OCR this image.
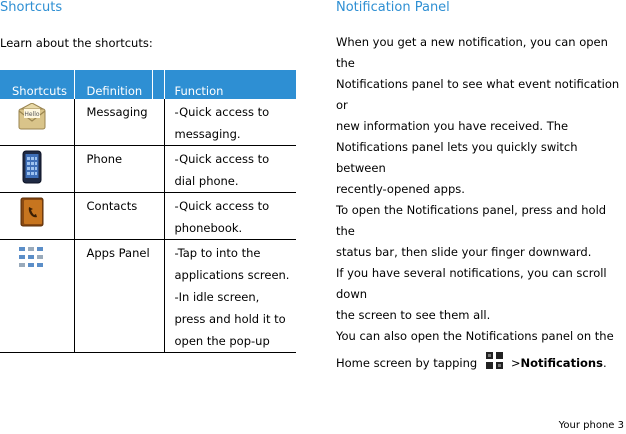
Shortcuts

Learn about the shortcuts:

Shortcuts	Definition		Function

Hello	Messaging		-Quick access to
messaging.

	Phone		-Quick access to
dial phone.

	Contacts		-Quick access to
phonebook.

	Apps Panel		-Tap to into the
applications screen.
-In idle screen,
press and hold it to
open the pop-up
Notification Panel

When you get a new notification, you can open the

Notifications panel to see what event notification or

new information you have received. The

Notifications panel lets you quickly switch between

recently-opened apps.

To open the Notifications panel, press and hold the

status bar, then slide your finger downward.

If you have several notifications, you can scroll down

the screen to see them all.

You can also open the Notifications panel on the

Home screen by tapping	>Notifications.

Your phone 3
